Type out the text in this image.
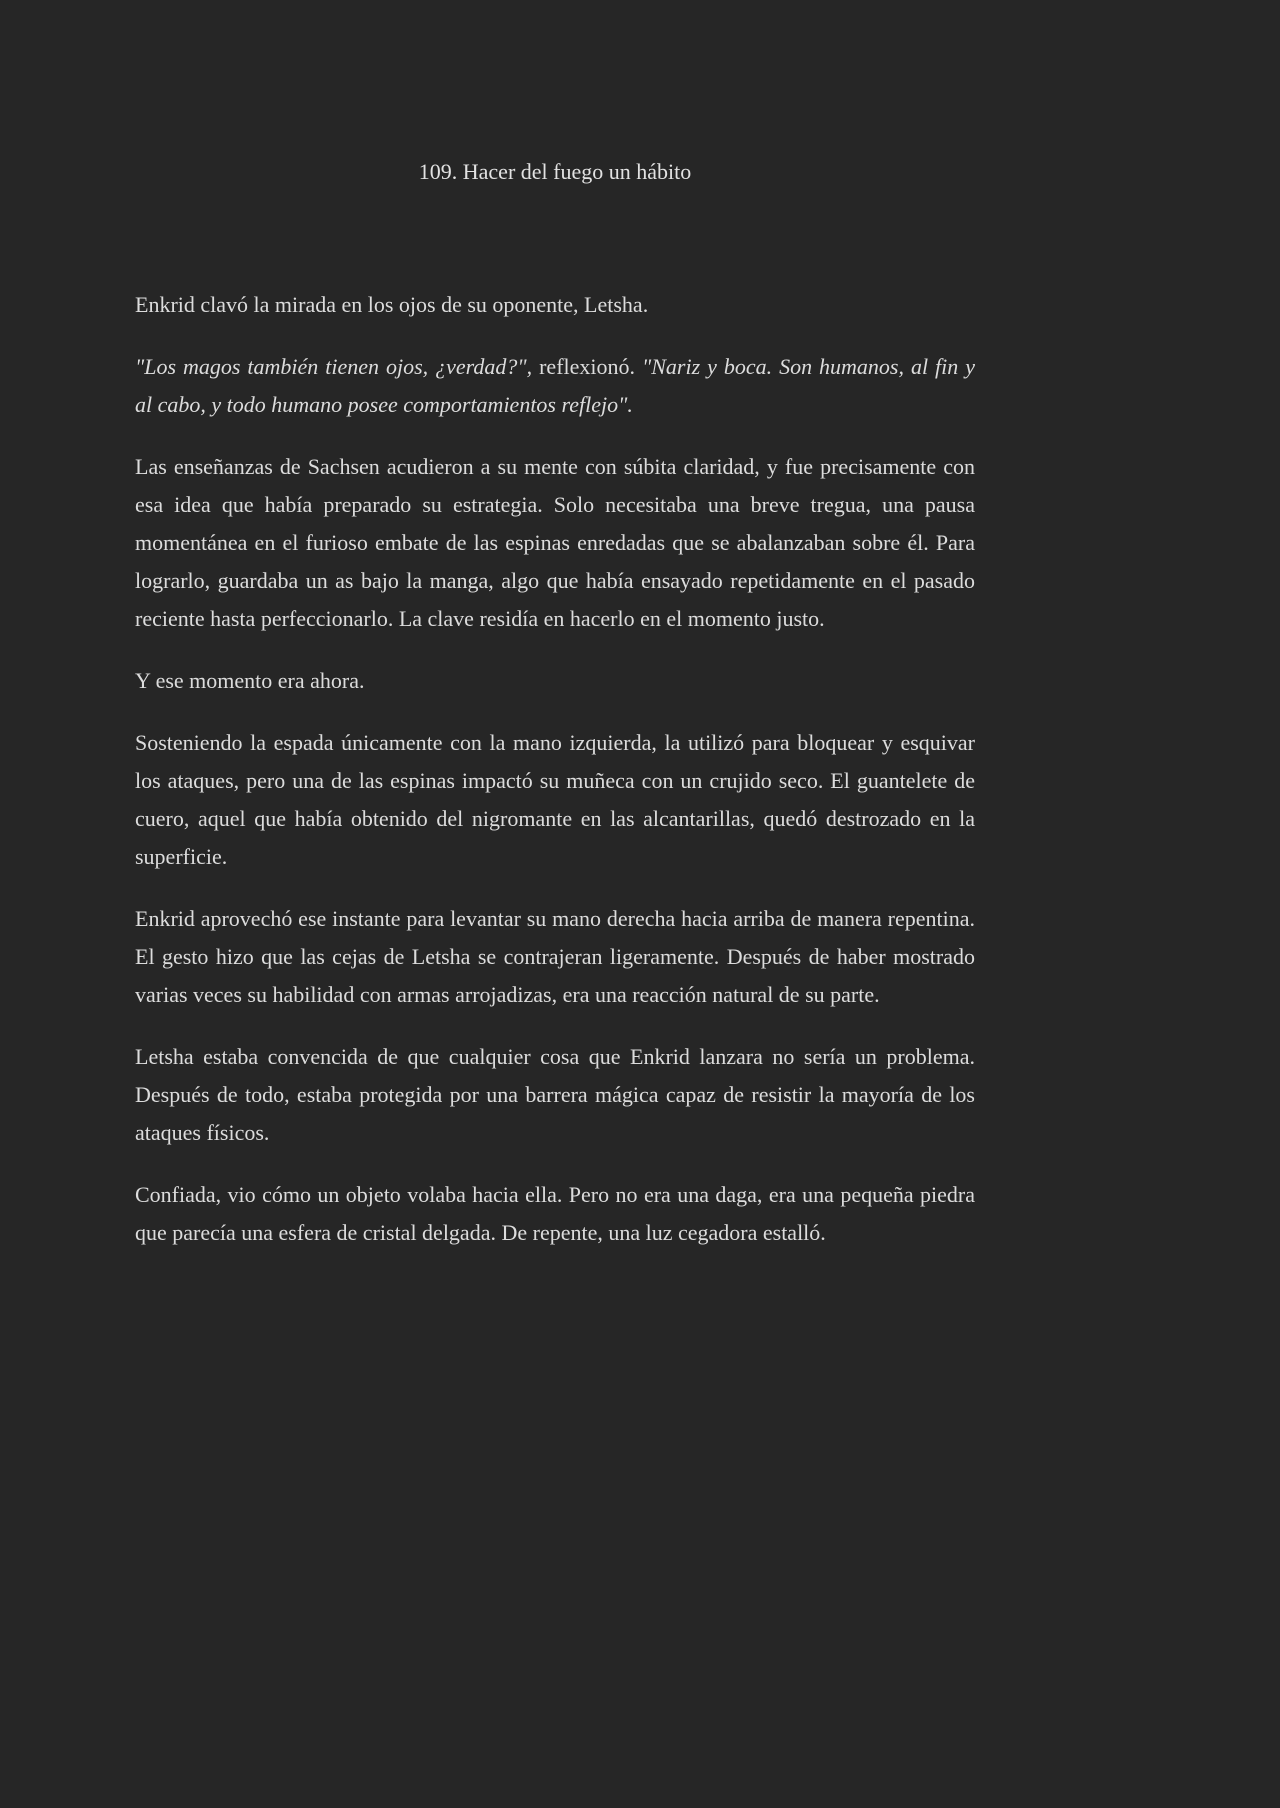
109. Hacer del fuego un hábito

Enkrid clavó la mirada en los ojos de su oponente, Letsha.

"Los magos también tienen ojos, ¿verdad?", reflexionó. "Nariz y boca. Son humanos, al fin y al cabo, y todo humano posee comportamientos reflejo".

Las enseñanzas de Sachsen acudieron a su mente con súbita claridad, y fue precisamente con esa idea que había preparado su estrategia. Solo necesitaba una breve tregua, una pausa momentánea en el furioso embate de las espinas enredadas que se abalanzaban sobre él. Para lograrlo, guardaba un as bajo la manga, algo que había ensayado repetidamente en el pasado reciente hasta perfeccionarlo. La clave residía en hacerlo en el momento justo.

Y ese momento era ahora.

Sosteniendo la espada únicamente con la mano izquierda, la utilizó para bloquear y esquivar los ataques, pero una de las espinas impactó su muñeca con un crujido seco. El guantelete de cuero, aquel que había obtenido del nigromante en las alcantarillas, quedó destrozado en la superficie.

Enkrid aprovechó ese instante para levantar su mano derecha hacia arriba de manera repentina. El gesto hizo que las cejas de Letsha se contrajeran ligeramente. Después de haber mostrado varias veces su habilidad con armas arrojadizas, era una reacción natural de su parte.

Letsha estaba convencida de que cualquier cosa que Enkrid lanzara no sería un problema. Después de todo, estaba protegida por una barrera mágica capaz de resistir la mayoría de los ataques físicos.

Confiada, vio cómo un objeto volaba hacia ella. Pero no era una daga, era una pequeña piedra que parecía una esfera de cristal delgada. De repente, una luz cegadora estalló.
